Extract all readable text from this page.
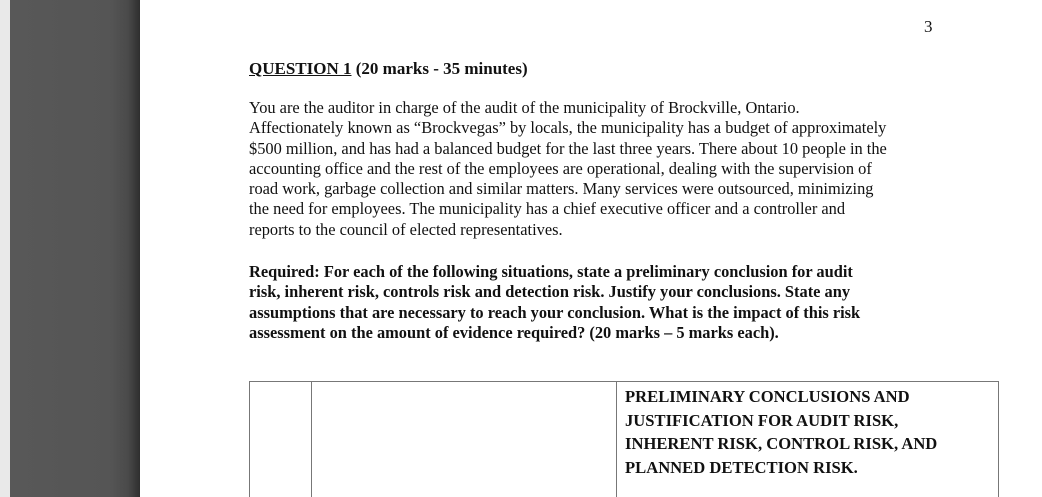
3
QUESTION 1 (20 marks - 35 minutes)
You are the auditor in charge of the audit of the municipality of Brockville, Ontario.
Affectionately known as “Brockvegas” by locals, the municipality has a budget of approximately
$500 million, and has had a balanced budget for the last three years. There about 10 people in the
accounting office and the rest of the employees are operational, dealing with the supervision of
road work, garbage collection and similar matters. Many services were outsourced, minimizing
the need for employees. The municipality has a chief executive officer and a controller and
reports to the council of elected representatives.
Required: For each of the following situations, state a preliminary conclusion for audit
risk, inherent risk, controls risk and detection risk. Justify your conclusions. State any
assumptions that are necessary to reach your conclusion. What is the impact of this risk
assessment on the amount of evidence required? (20 marks – 5 marks each).

PRELIMINARY CONCLUSIONS AND
JUSTIFICATION FOR AUDIT RISK,
INHERENT RISK, CONTROL RISK, AND
PLANNED DETECTION RISK.
